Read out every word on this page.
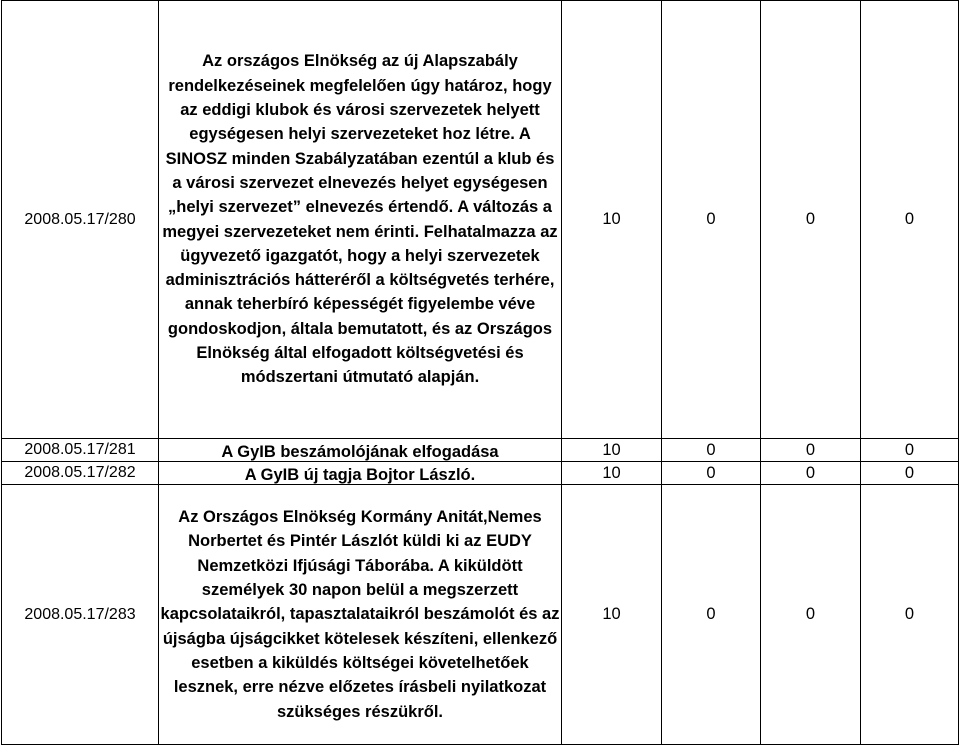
2008.05.17/280	Az országos Elnökség az új Alapszabály rendelkezéseinek megfelelően úgy határoz, hogy az eddigi klubok és városi szervezetek helyett egységesen helyi szervezeteket hoz létre. A SINOSZ minden Szabályzatában ezentúl a klub és a városi szervezet elnevezés helyet egységesen „helyi szervezet” elnevezés értendő. A változás a megyei szervezeteket nem érinti. Felhatalmazza az ügyvezető igazgatót, hogy a helyi szervezetek adminisztrációs hátteréről a költségvetés terhére, annak teherbíró képességét figyelembe véve gondoskodjon, általa bemutatott, és az Országos Elnökség által elfogadott költségvetési és módszertani útmutató alapján.	10	0	0	0
2008.05.17/281	A GyIB beszámolójának elfogadása	10	0	0	0
2008.05.17/282	A GyIB új tagja Bojtor László.	10	0	0	0
2008.05.17/283	Az Országos Elnökség Kormány Anitát,Nemes Norbertet és Pintér Lászlót küldi ki az EUDY Nemzetközi Ifjúsági Táborába. A kiküldött személyek 30 napon belül a megszerzett kapcsolataikról, tapasztalataikról beszámolót és az újságba újságcikket kötelesek készíteni, ellenkező esetben a kiküldés költségei követelhetőek lesznek, erre nézve előzetes írásbeli nyilatkozat szükséges részükről.	10	0	0	0
